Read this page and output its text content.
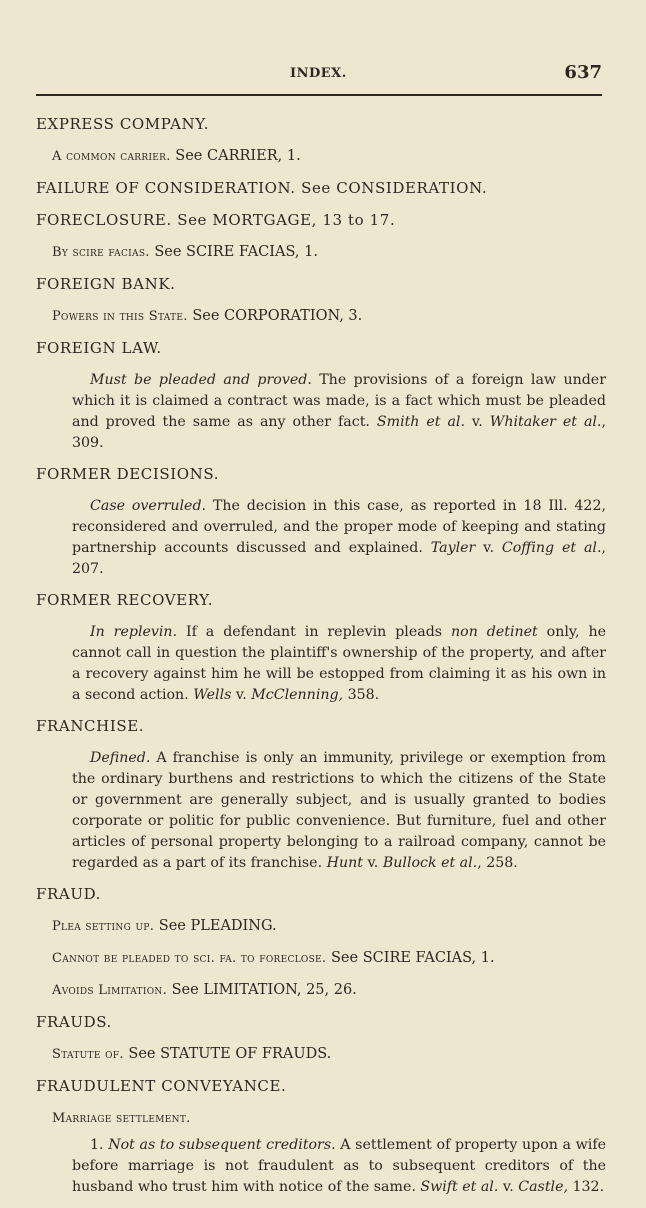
INDEX.	637
EXPRESS COMPANY.
A common carrier. See CARRIER, 1.
FAILURE OF CONSIDERATION. See CONSIDERATION.
FORECLOSURE. See MORTGAGE, 13 to 17.
By scire facias. See SCIRE FACIAS, 1.
FOREIGN BANK.
Powers in this State. See CORPORATION, 3.
FOREIGN LAW.
Must be pleaded and proved. The provisions of a foreign law under which it is claimed a contract was made, is a fact which must be pleaded and proved the same as any other fact. Smith et al. v. Whitaker et al., 309.
FORMER DECISIONS.
Case overruled. The decision in this case, as reported in 18 Ill. 422, reconsidered and overruled, and the proper mode of keeping and stating partnership accounts discussed and explained. Tayler v. Coffing et al., 207.
FORMER RECOVERY.
In replevin. If a defendant in replevin pleads non detinet only, he cannot call in question the plaintiff's ownership of the property, and after a recovery against him he will be estopped from claiming it as his own in a second action. Wells v. McClenning, 358.
FRANCHISE.
Defined. A franchise is only an immunity, privilege or exemption from the ordinary burthens and restrictions to which the citizens of the State or government are generally subject, and is usually granted to bodies corporate or politic for public convenience. But furniture, fuel and other articles of personal property belonging to a railroad company, cannot be regarded as a part of its franchise. Hunt v. Bullock et al., 258.
FRAUD.
Plea setting up. See PLEADING.
Cannot be pleaded to sci. fa. to foreclose. See SCIRE FACIAS, 1.
Avoids Limitation. See LIMITATION, 25, 26.
FRAUDS.
Statute of. See STATUTE OF FRAUDS.
FRAUDULENT CONVEYANCE.
Marriage settlement.
1. Not as to subsequent creditors. A settlement of property upon a wife before marriage is not fraudulent as to subsequent creditors of the husband who trust him with notice of the same. Swift et al. v. Castle, 132.
